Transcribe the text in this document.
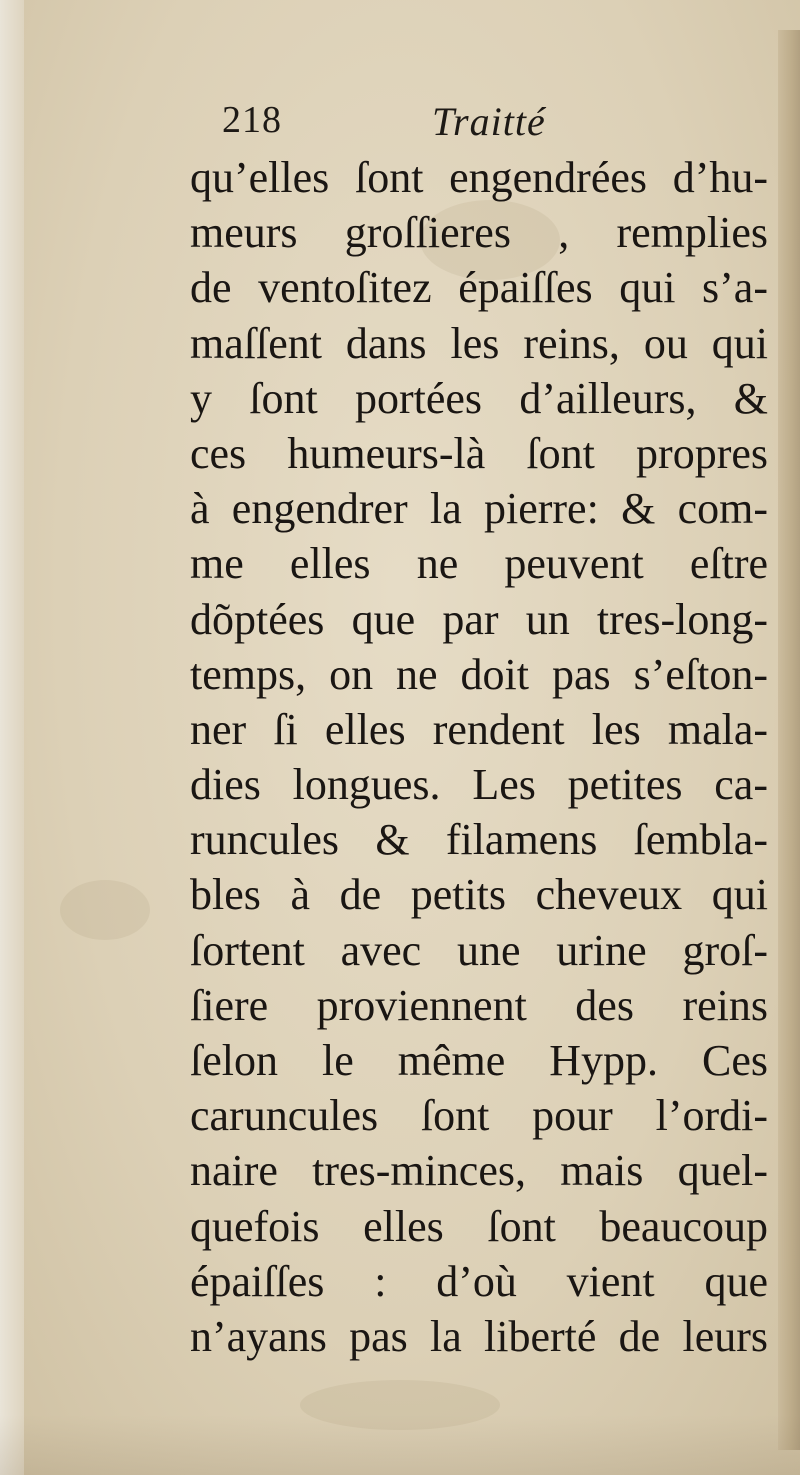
218	Traitté
qu’elles ſont engendrées d’hu-
meurs groſſieres , remplies
de ventoſitez épaiſſes qui s’a-
maſſent dans les reins, ou qui
y ſont portées d’ailleurs, &
ces humeurs-là ſont propres
à engendrer la pierre: & com-
me elles ne peuvent eſtre
dõptées que par un tres-long-
temps, on ne doit pas s’eſton-
ner ſi elles rendent les mala-
dies longues. Les petites ca-
runcules & filamens ſembla-
bles à de petits cheveux qui
ſortent avec une urine groſ-
ſiere proviennent des reins
ſelon le même Hypp. Ces
caruncules ſont pour l’ordi-
naire tres-minces, mais quel-
quefois elles ſont beaucoup
épaiſſes : d’où vient que
n’ayans pas la liberté de leurs
